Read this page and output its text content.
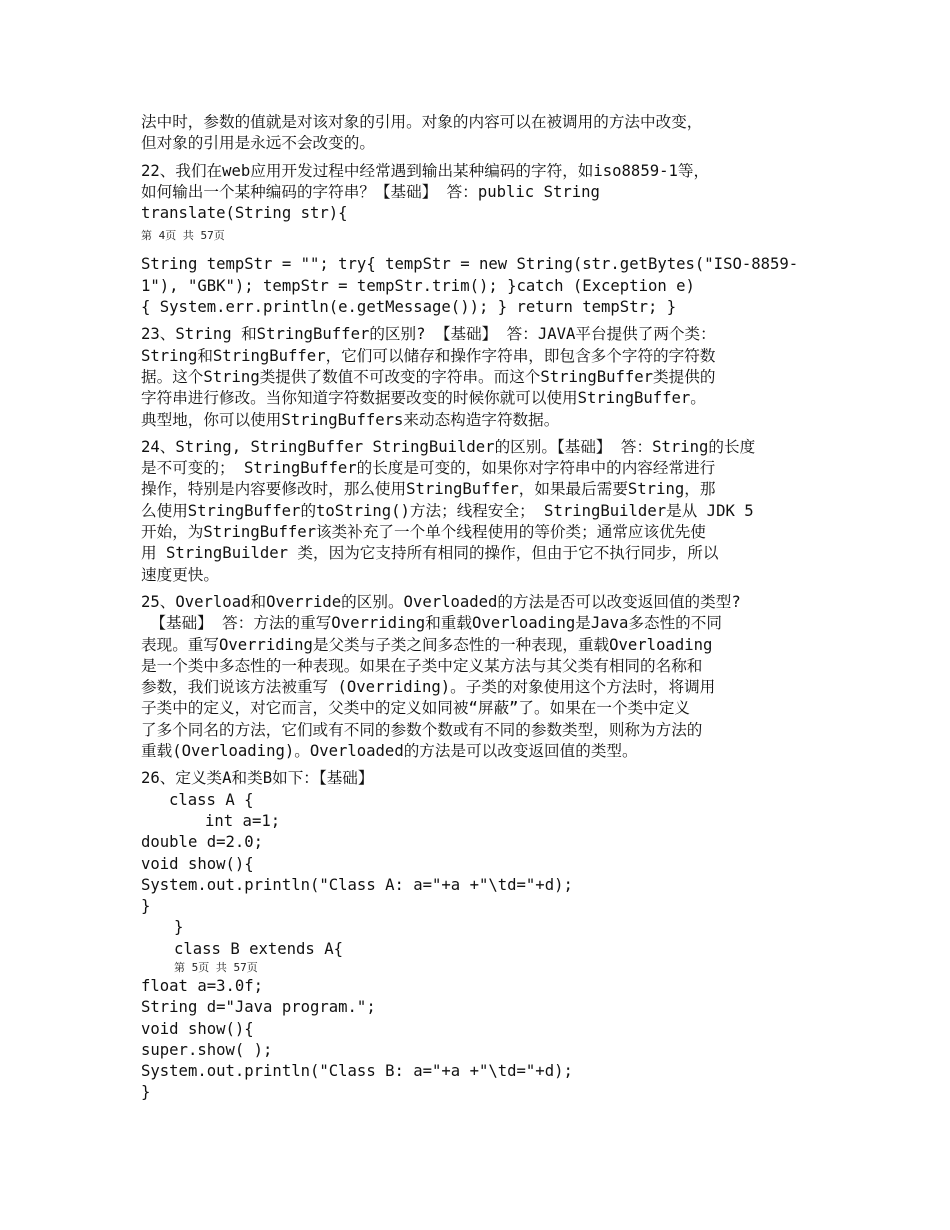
法中时，参数的值就是对该对象的引用。对象的内容可以在被调用的方法中改变，

但对象的引用是永远不会改变的。

22、我们在web应用开发过程中经常遇到输出某种编码的字符，如iso8859-1等，

如何输出一个某种编码的字符串？【基础】 答：public String

translate(String str){

第 4页 共 57页

String tempStr = ""; try{ tempStr = new String(str.getBytes("ISO-8859-

1"), "GBK"); tempStr = tempStr.trim(); }catch (Exception e)

{ System.err.println(e.getMessage()); } return tempStr; }

23、String 和StringBuffer的区别? 【基础】 答：JAVA平台提供了两个类：

String和StringBuffer，它们可以储存和操作字符串，即包含多个字符的字符数

据。这个String类提供了数值不可改变的字符串。而这个StringBuffer类提供的

字符串进行修改。当你知道字符数据要改变的时候你就可以使用StringBuffer。

典型地，你可以使用StringBuffers来动态构造字符数据。

24、String, StringBuffer StringBuilder的区别。【基础】 答：String的长度

是不可变的； StringBuffer的长度是可变的，如果你对字符串中的内容经常进行

操作，特别是内容要修改时，那么使用StringBuffer，如果最后需要String，那

么使用StringBuffer的toString()方法；线程安全； StringBuilder是从 JDK 5

开始，为StringBuffer该类补充了一个单个线程使用的等价类；通常应该优先使

用 StringBuilder 类，因为它支持所有相同的操作，但由于它不执行同步，所以

速度更快。

25、Overload和Override的区别。Overloaded的方法是否可以改变返回值的类型?

【基础】 答：方法的重写Overriding和重载Overloading是Java多态性的不同

表现。重写Overriding是父类与子类之间多态性的一种表现，重载Overloading

是一个类中多态性的一种表现。如果在子类中定义某方法与其父类有相同的名称和

参数，我们说该方法被重写 (Overriding)。子类的对象使用这个方法时，将调用

子类中的定义，对它而言，父类中的定义如同被“屏蔽”了。如果在一个类中定义

了多个同名的方法，它们或有不同的参数个数或有不同的参数类型，则称为方法的

重载(Overloading)。Overloaded的方法是可以改变返回值的类型。

26、定义类A和类B如下：【基础】

class A {

int a=1;

double d=2.0;

void show(){

System.out.println("Class A: a="+a +"\td="+d);

}

}

class B extends A{

第 5页 共 57页

float a=3.0f;

String d="Java program.";

void show(){

super.show( );

System.out.println("Class B: a="+a +"\td="+d);

}
